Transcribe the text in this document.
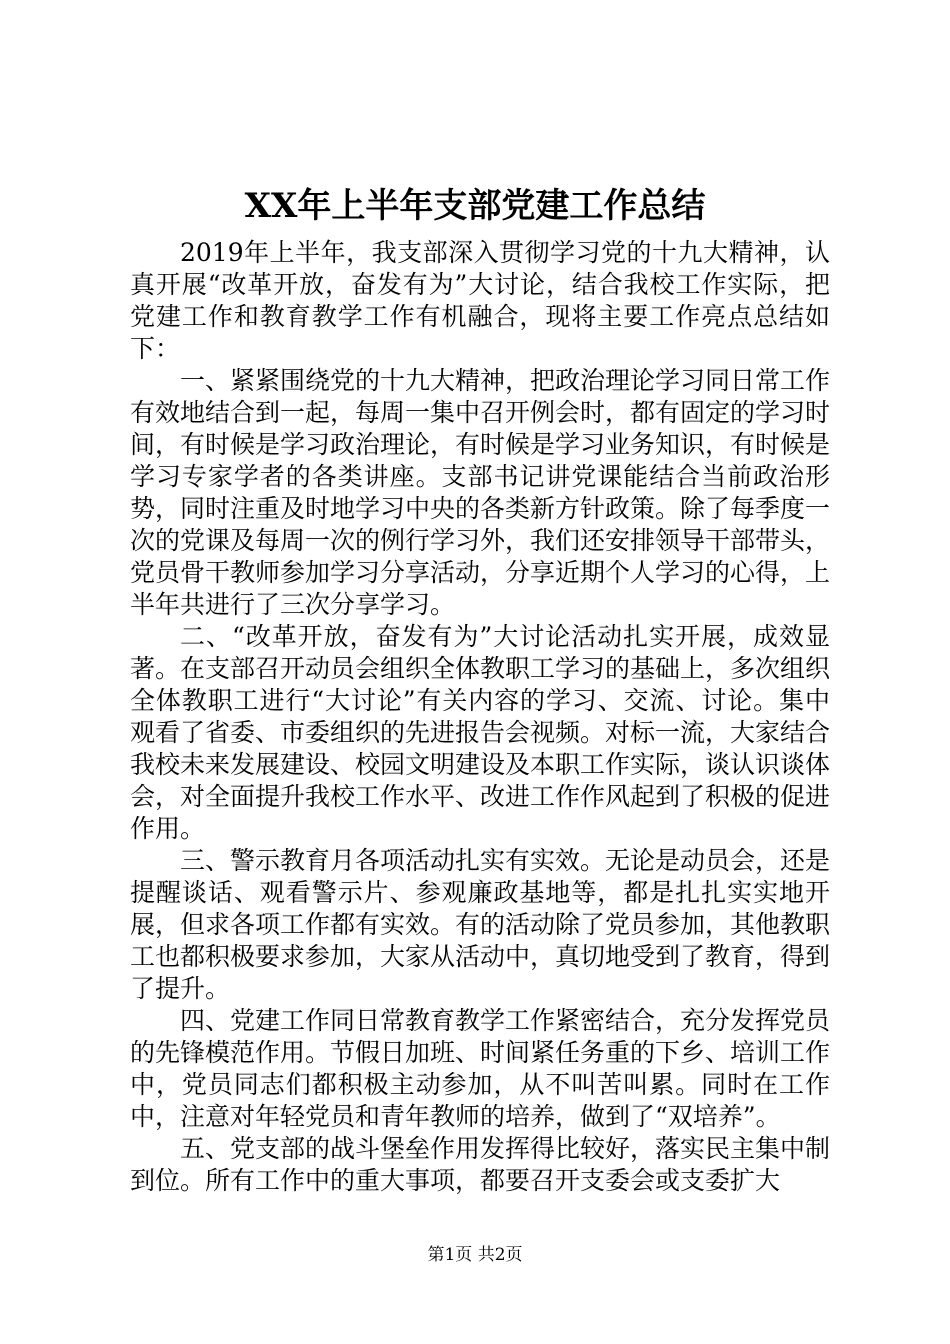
XX年上半年支部党建工作总结

2019年上半年，我支部深入贯彻学习党的十九大精神，认真开展“改革开放，奋发有为”大讨论，结合我校工作实际，把党建工作和教育教学工作有机融合，现将主要工作亮点总结如下：

一、紧紧围绕党的十九大精神，把政治理论学习同日常工作有效地结合到一起，每周一集中召开例会时，都有固定的学习时间，有时候是学习政治理论，有时候是学习业务知识，有时候是学习专家学者的各类讲座。支部书记讲党课能结合当前政治形势，同时注重及时地学习中央的各类新方针政策。除了每季度一次的党课及每周一次的例行学习外，我们还安排领导干部带头，党员骨干教师参加学习分享活动，分享近期个人学习的心得，上半年共进行了三次分享学习。

二、“改革开放，奋发有为”大讨论活动扎实开展，成效显著。在支部召开动员会组织全体教职工学习的基础上，多次组织全体教职工进行“大讨论”有关内容的学习、交流、讨论。集中观看了省委、市委组织的先进报告会视频。对标一流，大家结合我校未来发展建设、校园文明建设及本职工作实际，谈认识谈体会，对全面提升我校工作水平、改进工作作风起到了积极的促进作用。

三、警示教育月各项活动扎实有实效。无论是动员会，还是提醒谈话、观看警示片、参观廉政基地等，都是扎扎实实地开展，但求各项工作都有实效。有的活动除了党员参加，其他教职工也都积极要求参加，大家从活动中，真切地受到了教育，得到了提升。

四、党建工作同日常教育教学工作紧密结合，充分发挥党员的先锋模范作用。节假日加班、时间紧任务重的下乡、培训工作中，党员同志们都积极主动参加，从不叫苦叫累。同时在工作中，注意对年轻党员和青年教师的培养，做到了“双培养”。

五、党支部的战斗堡垒作用发挥得比较好，落实民主集中制到位。所有工作中的重大事项，都要召开支委会或支委扩大

第1页 共2页
